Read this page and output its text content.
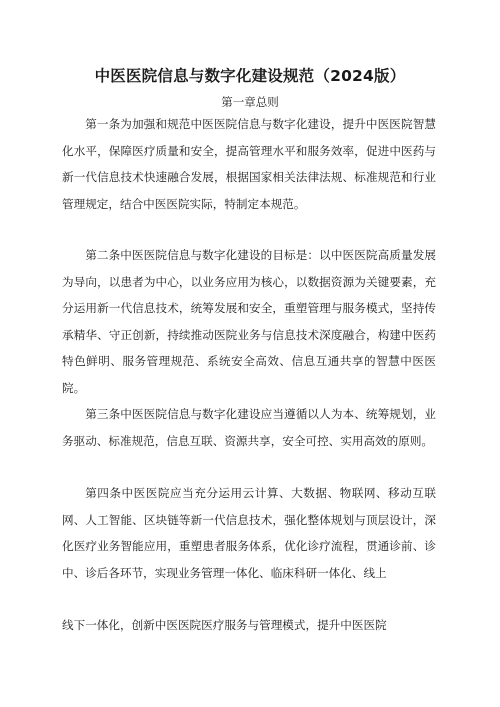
中医医院信息与数字化建设规范（2024版）

第一章总则

第一条为加强和规范中医医院信息与数字化建设，提升中医医院智慧化水平，保障医疗质量和安全，提高管理水平和服务效率，促进中医药与新一代信息技术快速融合发展，根据国家相关法律法规、标准规范和行业管理规定，结合中医医院实际，特制定本规范。

第二条中医医院信息与数字化建设的目标是：以中医医院高质量发展为导向，以患者为中心，以业务应用为核心，以数据资源为关键要素，充分运用新一代信息技术，统筹发展和安全，重塑管理与服务模式，坚持传承精华、守正创新，持续推动医院业务与信息技术深度融合，构建中医药特色鲜明、服务管理规范、系统安全高效、信息互通共享的智慧中医医院。

第三条中医医院信息与数字化建设应当遵循以人为本、统筹规划，业务驱动、标准规范，信息互联、资源共享，安全可控、实用高效的原则。

第四条中医医院应当充分运用云计算、大数据、物联网、移动互联网、人工智能、区块链等新一代信息技术，强化整体规划与顶层设计，深化医疗业务智能应用，重塑患者服务体系，优化诊疗流程，贯通诊前、诊中、诊后各环节，实现业务管理一体化、临床科研一体化、线上

线下一体化，创新中医医院医疗服务与管理模式，提升中医医院
